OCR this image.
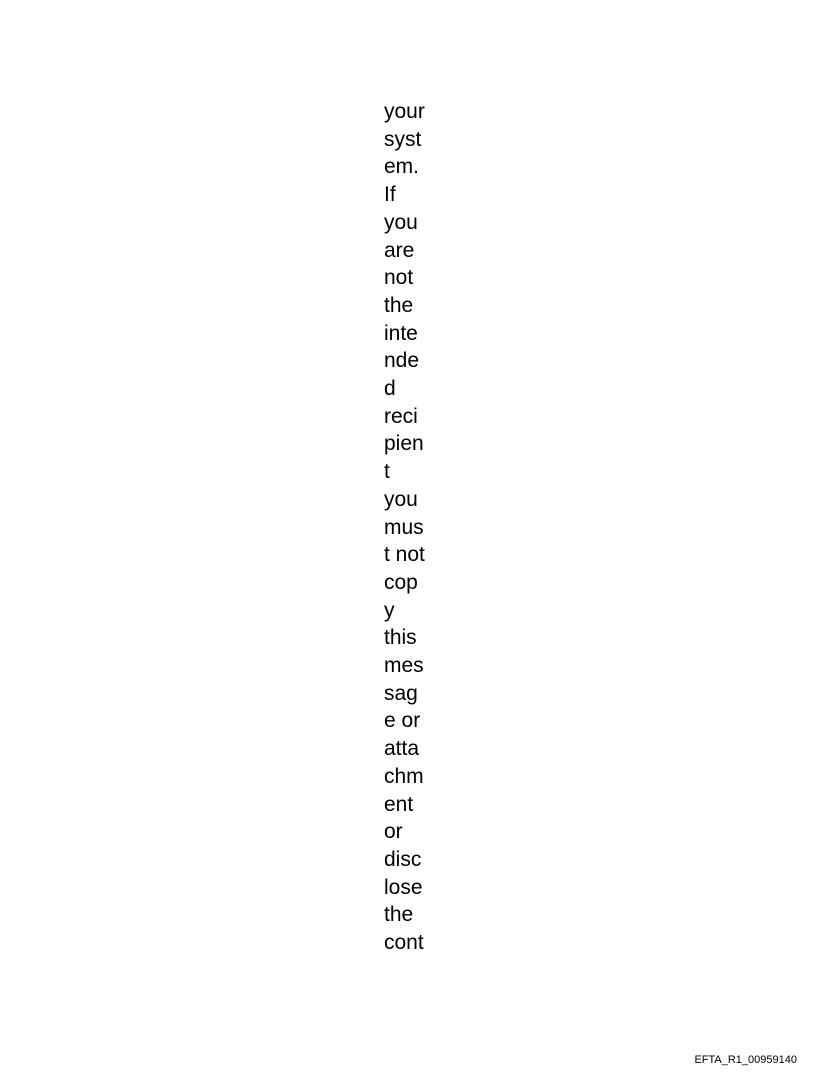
your
syst
em.
If
you
are
not
the
inte
nde
d
reci
pien
t
you
mus
t not
cop
y
this
mes
sag
e or
atta
chm
ent
or
disc
lose
the
cont
EFTA_R1_00959140
